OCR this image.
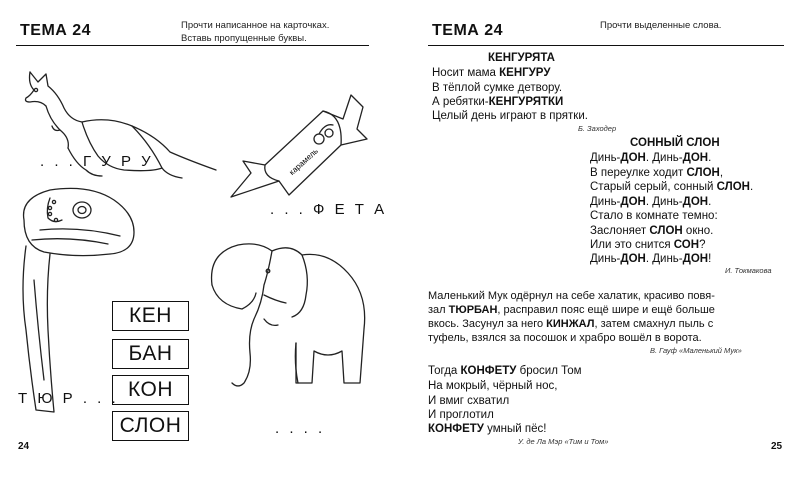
ТЕМА 24	Прочти написанное на карточках.
Вставь пропущенные буквы.
. . . Г У Р У	карамель
. . . Ф Е Т А
Т Ю Р . . .
. . . .
КЕН
БАН
КОН
СЛОН
24
ТЕМА 24	Прочти выделенные слова.
КЕНГУРЯТА
Носит мама КЕНГУРУ
В тёплой сумке детвору.
А ребятки-КЕНГУРЯТКИ
Целый день играют в прятки.
Б. Заходер
СОННЫЙ СЛОН
Динь-ДОН. Динь-ДОН.
В переулке ходит СЛОН,
Старый серый, сонный СЛОН.
Динь-ДОН. Динь-ДОН.
Стало в комнате темно:
Заслоняет СЛОН окно.
Или это снится СОН?
Динь-ДОН. Динь-ДОН!
И. Токмакова
Маленький Мук одёрнул на себе халатик, красиво повя-
зал ТЮРБАН, расправил пояс ещё шире и ещё больше
вкось. Засунул за него КИНЖАЛ, затем смахнул пыль с
туфель, взялся за посошок и храбро вошёл в ворота.
В. Гауф «Маленький Мук»
Тогда КОНФЕТУ бросил Том
На мокрый, чёрный нос,
И вмиг схватил
И проглотил
КОНФЕТУ умный пёс!
У. де Ла Мэр «Тим и Том»	25
